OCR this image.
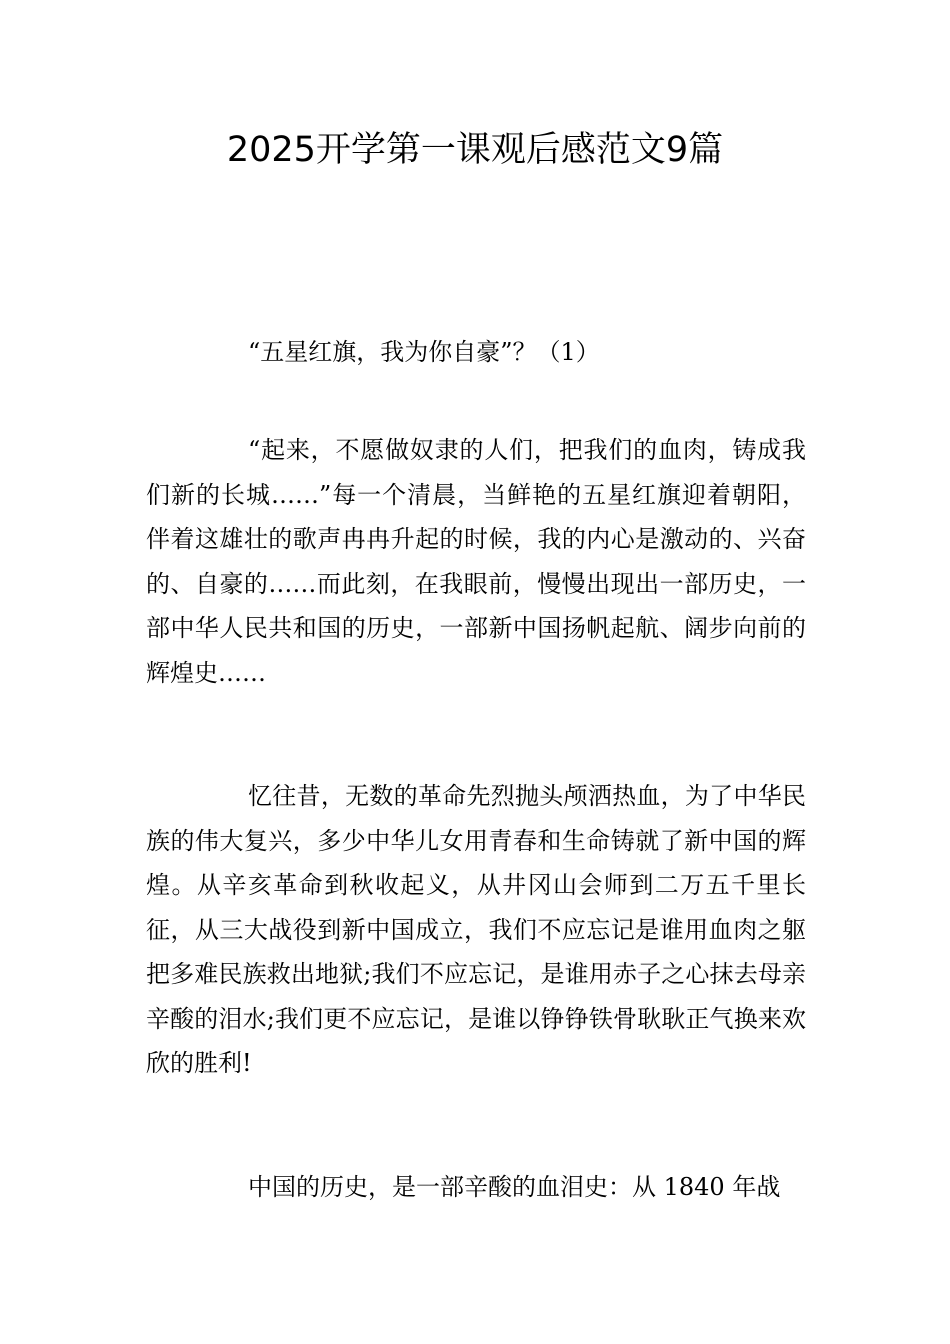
2025开学第一课观后感范文9篇

“五星红旗，我为你自豪”？（1）

“起来，不愿做奴隶的人们，把我们的血肉，铸成我们新的长城……”每一个清晨，当鲜艳的五星红旗迎着朝阳，伴着这雄壮的歌声冉冉升起的时候，我的内心是激动的、兴奋的、自豪的……而此刻，在我眼前，慢慢出现出一部历史，一部中华人民共和国的历史，一部新中国扬帆起航、阔步向前的辉煌史……

忆往昔，无数的革命先烈抛头颅洒热血，为了中华民族的伟大复兴，多少中华儿女用青春和生命铸就了新中国的辉煌。从辛亥革命到秋收起义，从井冈山会师到二万五千里长征，从三大战役到新中国成立，我们不应忘记是谁用血肉之躯把多难民族救出地狱;我们不应忘记，是谁用赤子之心抹去母亲辛酸的泪水;我们更不应忘记，是谁以铮铮铁骨耿耿正气换来欢欣的胜利!

中国的历史，是一部辛酸的血泪史：从 1840 年战
